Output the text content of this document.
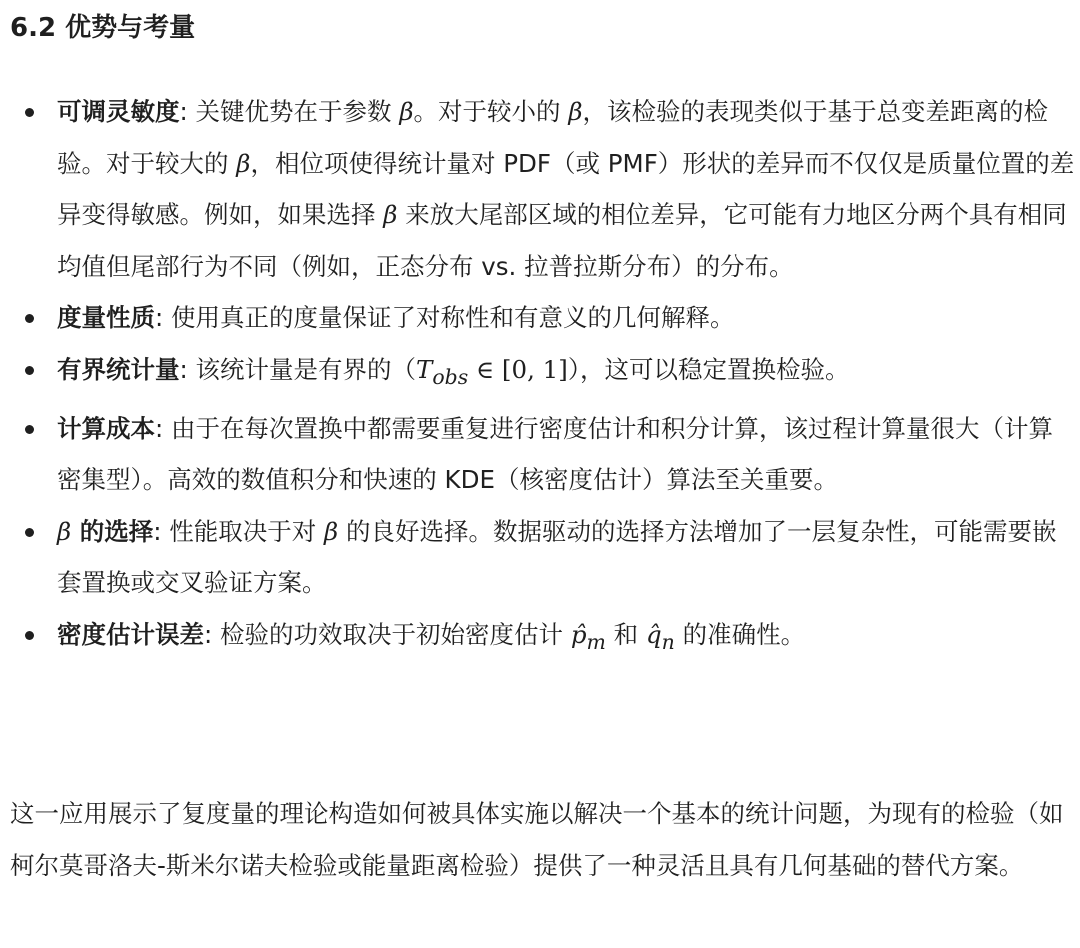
6.2 优势与考量
可调灵敏度: 关键优势在于参数 β。对于较小的 β，该检验的表现类似于基于总变差距离的检验。对于较大的 β，相位项使得统计量对 PDF（或 PMF）形状的差异而不仅仅是质量位置的差异变得敏感。例如，如果选择 β 来放大尾部区域的相位差异，它可能有力地区分两个具有相同均值但尾部行为不同（例如，正态分布 vs. 拉普拉斯分布）的分布。
度量性质: 使用真正的度量保证了对称性和有意义的几何解释。
有界统计量: 该统计量是有界的（$T_{obs}$ ∈ [0, 1]），这可以稳定置换检验。
计算成本: 由于在每次置换中都需要重复进行密度估计和积分计算，该过程计算量很大（计算密集型）。高效的数值积分和快速的 KDE（核密度估计）算法至关重要。
β 的选择: 性能取决于对 β 的良好选择。数据驱动的选择方法增加了一层复杂性，可能需要嵌套置换或交叉验证方案。
密度估计误差: 检验的功效取决于初始密度估计 $p̂_m$ 和 $q̂_n$ 的准确性。

这一应用展示了复度量的理论构造如何被具体实施以解决一个基本的统计问题，为现有的检验（如柯尔莫哥洛夫-斯米尔诺夫检验或能量距离检验）提供了一种灵活且具有几何基础的替代方案。
